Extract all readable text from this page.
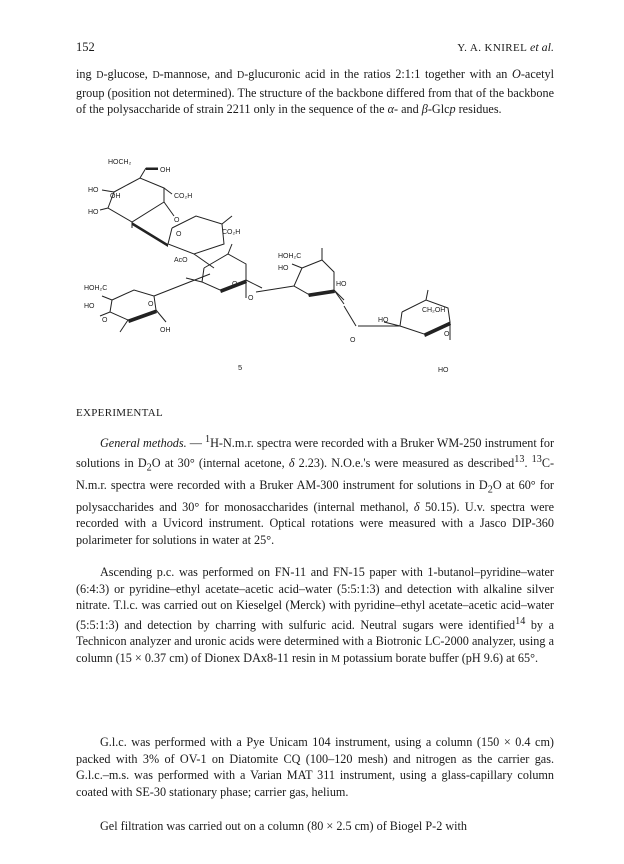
152	Y. A. KNIREL et al.

ing D-glucose, D-mannose, and D-glucuronic acid in the ratios 2:1:1 together with an O-acetyl group (position not determined). The structure of the backbone differed from that of the backbone of the polysaccharide of strain 2211 only in the sequence of the α- and β-Glcp residues.

HOCH₂
OH
HO
OH	CO₂H
HO
O
O	CO₂H
AcO
O
HOH₂C
HO	O
O
OH
O
HOH₂C
HO
HO
O
CH₂OH
HO
O
HO
5
EXPERIMENTAL

General methods. — $^1$H-N.m.r. spectra were recorded with a Bruker WM-250 instrument for solutions in $D_2O$ at 30° (internal acetone, δ 2.23). N.O.e.'s were measured as described$^{13}$. $^{13}$C-N.m.r. spectra were recorded with a Bruker AM-300 instrument for solutions in $D_2O$ at 60° for polysaccharides and 30° for monosaccharides (internal methanol, δ 50.15). U.v. spectra were recorded with a Uvicord instrument. Optical rotations were measured with a Jasco DIP-360 polarimeter for solutions in water at 25°.

Ascending p.c. was performed on FN-11 and FN-15 paper with 1-butanol–pyridine–water (6:4:3) or pyridine–ethyl acetate–acetic acid–water (5:5:1:3) and detection with alkaline silver nitrate. T.l.c. was carried out on Kieselgel (Merck) with pyridine–ethyl acetate–acetic acid–water (5:5:1:3) and detection by charring with sulfuric acid. Neutral sugars were identified$^{14}$ by a Technicon analyzer and uronic acids were determined with a Biotronic LC-2000 analyzer, using a column (15 × 0.37 cm) of Dionex DAx8-11 resin in M potassium borate buffer (pH 9.6) at 65°.

G.l.c. was performed with a Pye Unicam 104 instrument, using a column (150 × 0.4 cm) packed with 3% of OV-1 on Diatomite CQ (100–120 mesh) and nitrogen as the carrier gas. G.l.c.–m.s. was performed with a Varian MAT 311 instrument, using a glass-capillary column coated with SE-30 stationary phase; carrier gas, helium.

Gel filtration was carried out on a column (80 × 2.5 cm) of Biogel P-2 with
